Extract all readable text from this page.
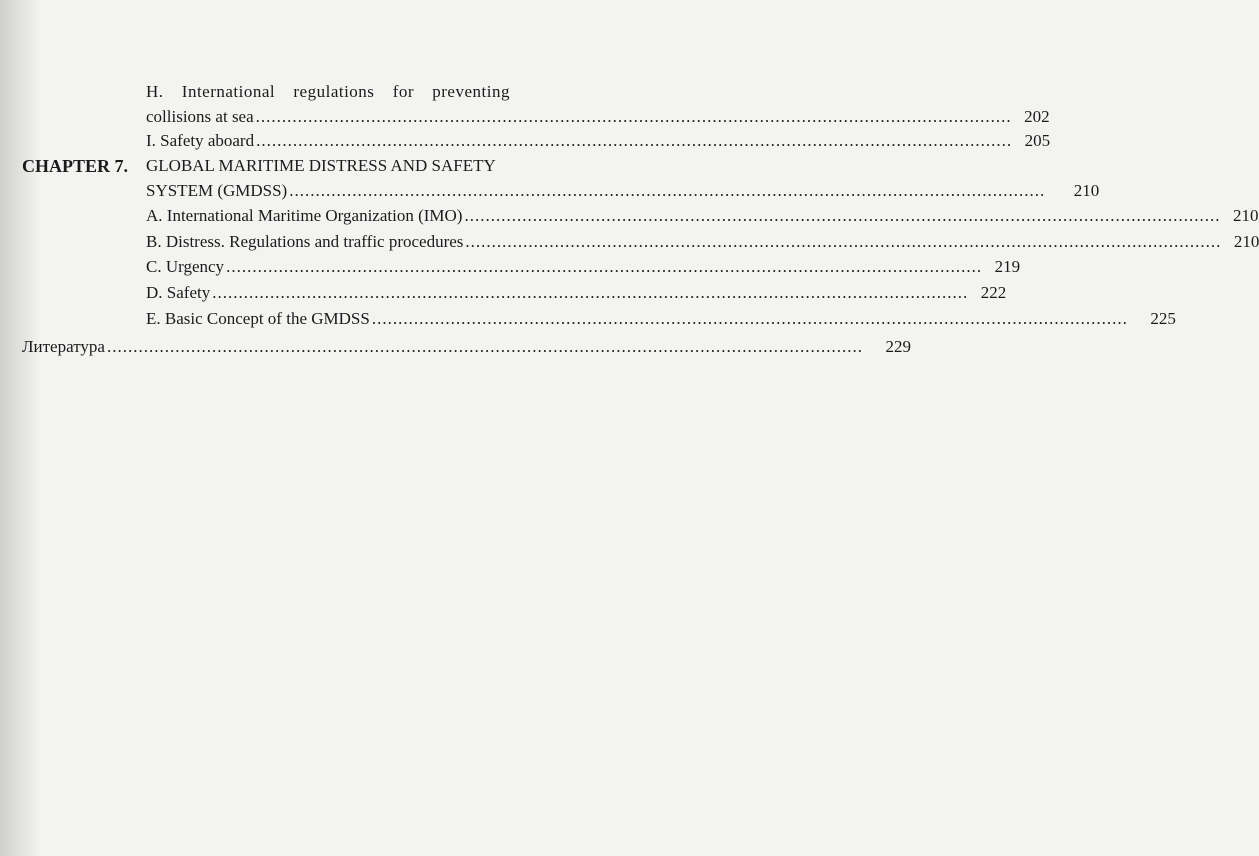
H. International regulations for preventing
collisions at sea ................................................................................................................................................ 202
I. Safety aboard ................................................................................................................................................ 205
CHAPTER 7. GLOBAL MARITIME DISTRESS AND SAFETY
SYSTEM (GMDSS) ................................................................................................................................................	210
A. International Maritime Organization (IMO) ................................................................................................................................................ 210
B. Distress. Regulations and traffic procedures ................................................................................................................................................ 210
C. Urgency ................................................................................................................................................ 219
D. Safety ................................................................................................................................................ 222
E. Basic Concept of the GMDSS ................................................................................................................................................	225
Литература ................................................................................................................................................	229
